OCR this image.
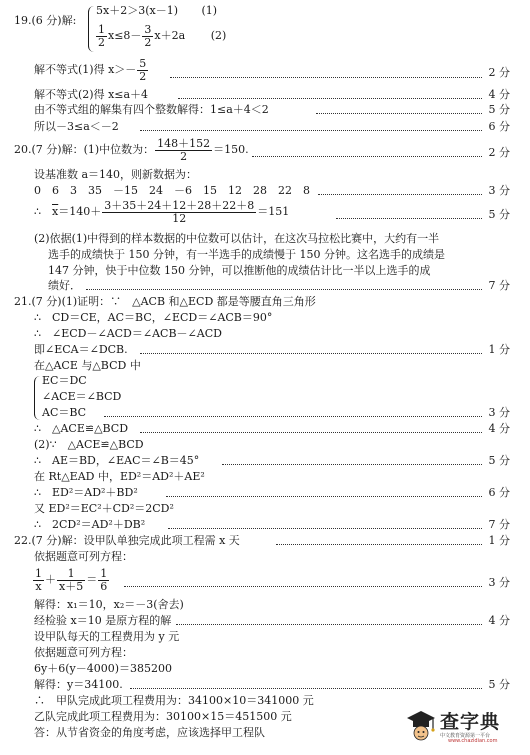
19.(6 分)解:
5x＋2＞3(x－1) (1)
$\frac{1}{2} x\le 8- \frac{3}{2} x+2a$ (2)
解不等式(1)得 $x>- \frac{5}{2}$	2 分
解不等式(2)得 x≤a＋4	4 分
由不等式组的解集有四个整数解得：1≤a＋4＜2	5 分
所以－3≤a＜－2	6 分
20.(7 分)解：(1)中位数为： $\frac{148+152}{2} =150$.	2 分
设基准数 a＝140，则新数据为：
0　6　3　35　－15　24　－6　15　12　28　22　8	3 分
∴　$\overline{x}=140+ \frac{3+35+24+12+28+22+8}{12} =151$	5 分
(2)依据(1)中得到的样本数据的中位数可以估计，在这次马拉松比赛中，大约有一半
选手的成绩快于 150 分钟，有一半选手的成绩慢于 150 分钟。这名选手的成绩是
147 分钟，快于中位数 150 分钟，可以推断他的成绩估计比一半以上选手的成
绩好．	7 分
21.(7 分)(1)证明：∵　△ACB 和△ECD 都是等腰直角三角形
∴　CD＝CE，AC＝BC，∠ECD＝∠ACB＝90°
∴　∠ECD－∠ACD＝∠ACB－∠ACD
即∠ECA＝∠DCB.	1 分
在△ACE 与△BCD 中
EC＝DC
∠ACE＝∠BCD
AC＝BC	3 分
∴　△ACE≌△BCD	4 分
(2)∵　△ACE≌△BCD
∴　AE＝BD，∠EAC＝∠B＝45°	5 分
在 Rt△EAD 中，ED²＝AD²＋AE²
∴　ED²＝AD²＋BD²	6 分
又 ED²＝EC²＋CD²＝2CD²
∴　2CD²＝AD²＋DB²	7 分
22.(7 分)解：设甲队单独完成此项工程需 x 天	1 分
依据题意可列方程：
$\frac{1}{x} + \frac{1}{x+5} = \frac{1}{6}$	3 分
解得：x₁＝10，x₂＝－3(舍去)
经检验 x＝10 是原方程的解	4 分
设甲队每天的工程费用为 y 元
依据题意可列方程：
6y＋6(y－4000)＝385200
解得：y＝34100.	5 分
∴　甲队完成此项工程费用为：34100×10＝341000 元
乙队完成此项工程费用为：30100×15＝451500 元
答：从节省资金的角度考虑，应该选择甲工程队	查字典
中文教育资源第一平台
www.chazidian.com
